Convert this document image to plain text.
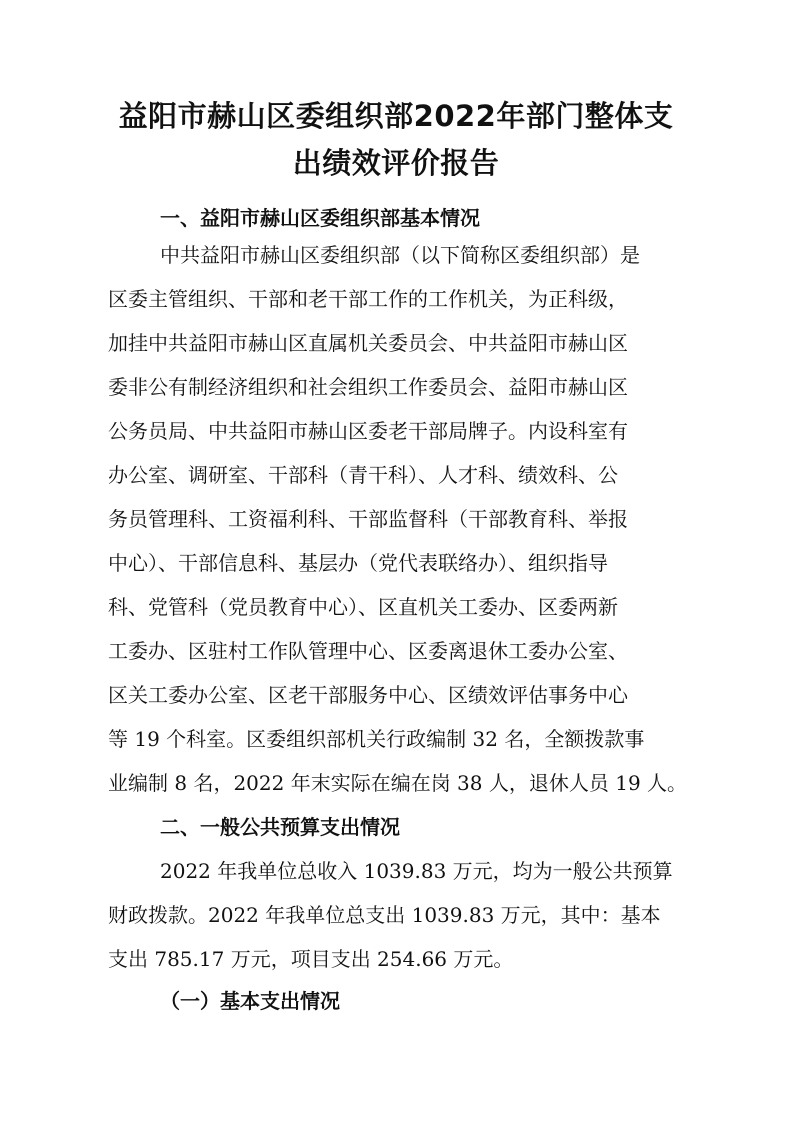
益阳市赫山区委组织部2022年部门整体支
出绩效评价报告
一、益阳市赫山区委组织部基本情况

中共益阳市赫山区委组织部（以下简称区委组织部）是

区委主管组织、干部和老干部工作的工作机关，为正科级，

加挂中共益阳市赫山区直属机关委员会、中共益阳市赫山区

委非公有制经济组织和社会组织工作委员会、益阳市赫山区

公务员局、中共益阳市赫山区委老干部局牌子。内设科室有

办公室、调研室、干部科（青干科）、人才科、绩效科、公

务员管理科、工资福利科、干部监督科（干部教育科、举报

中心）、干部信息科、基层办（党代表联络办）、组织指导

科、党管科（党员教育中心）、区直机关工委办、区委两新

工委办、区驻村工作队管理中心、区委离退休工委办公室、

区关工委办公室、区老干部服务中心、区绩效评估事务中心

等 19 个科室。区委组织部机关行政编制 32 名，全额拨款事

业编制 8 名，2022 年末实际在编在岗 38 人，退休人员 19 人。

二、一般公共预算支出情况

2022 年我单位总收入 1039.83 万元，均为一般公共预算

财政拨款。2022 年我单位总支出 1039.83 万元，其中：基本

支出 785.17 万元，项目支出 254.66 万元。

（一）基本支出情况
